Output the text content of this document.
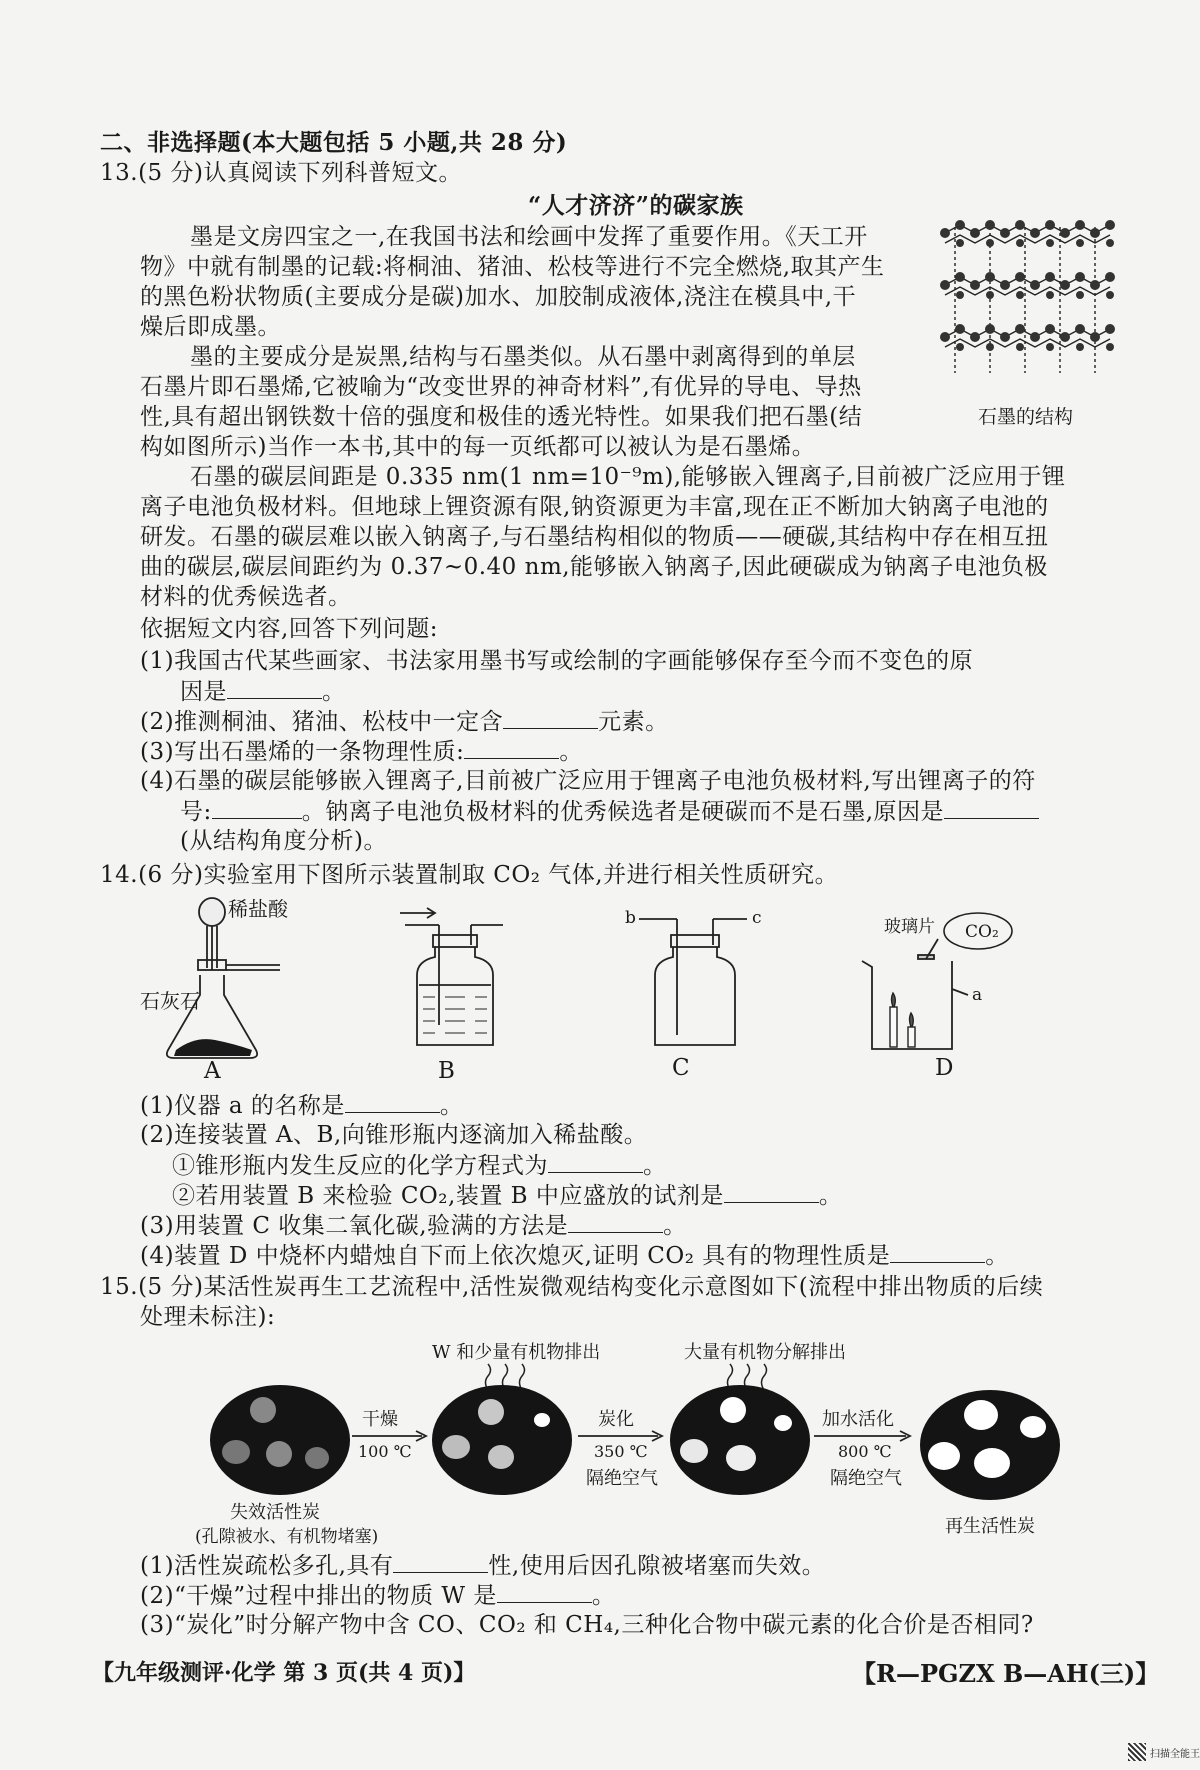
二、非选择题(本大题包括 5 小题,共 28 分)
13.(5 分)认真阅读下列科普短文。
“人才济济”的碳家族
墨是文房四宝之一,在我国书法和绘画中发挥了重要作用。《天工开
物》中就有制墨的记载:将桐油、猪油、松枝等进行不完全燃烧,取其产生
的黑色粉状物质(主要成分是碳)加水、加胶制成液体,浇注在模具中,干
燥后即成墨。
墨的主要成分是炭黑,结构与石墨类似。从石墨中剥离得到的单层
石墨片即石墨烯,它被喻为“改变世界的神奇材料”,有优异的导电、导热
性,具有超出钢铁数十倍的强度和极佳的透光特性。如果我们把石墨(结
构如图所示)当作一本书,其中的每一页纸都可以被认为是石墨烯。
石墨的结构
石墨的碳层间距是 0.335 nm(1 nm=10⁻⁹m),能够嵌入锂离子,目前被广泛应用于锂
离子电池负极材料。但地球上锂资源有限,钠资源更为丰富,现在正不断加大钠离子电池的
研发。石墨的碳层难以嵌入钠离子,与石墨结构相似的物质——硬碳,其结构中存在相互扭
曲的碳层,碳层间距约为 0.37~0.40 nm,能够嵌入钠离子,因此硬碳成为钠离子电池负极
材料的优秀候选者。
依据短文内容,回答下列问题:
(1)我国古代某些画家、书法家用墨书写或绘制的字画能够保存至今而不变色的原
因是	。
(2)推测桐油、猪油、松枝中一定含	元素。
(3)写出石墨烯的一条物理性质:	。
(4)石墨的碳层能够嵌入锂离子,目前被广泛应用于锂离子电池负极材料,写出锂离子的符
号:	。钠离子电池负极材料的优秀候选者是硬碳而不是石墨,原因是
(从结构角度分析)。
14.(6 分)实验室用下图所示装置制取 CO₂ 气体,并进行相关性质研究。
稀盐酸
石灰石
A	B
b	c
C
玻璃片 CO₂
a
D
(1)仪器 a 的名称是	。
(2)连接装置 A、B,向锥形瓶内逐滴加入稀盐酸。
①锥形瓶内发生反应的化学方程式为	。
②若用装置 B 来检验 CO₂,装置 B 中应盛放的试剂是	。
(3)用装置 C 收集二氧化碳,验满的方法是	。
(4)装置 D 中烧杯内蜡烛自下而上依次熄灭,证明 CO₂ 具有的物理性质是	。
15.(5 分)某活性炭再生工艺流程中,活性炭微观结构变化示意图如下(流程中排出物质的后续
处理未标注):
W 和少量有机物排出	大量有机物分解排出
干燥
100 ℃
炭化
350 ℃
隔绝空气
加水活化
800 ℃
隔绝空气
失效活性炭
(孔隙被水、有机物堵塞)	再生活性炭
(1)活性炭疏松多孔,具有	性,使用后因孔隙被堵塞而失效。
(2)“干燥”过程中排出的物质 W 是	。
(3)“炭化”时分解产物中含 CO、CO₂ 和 CH₄,三种化合物中碳元素的化合价是否相同?
【九年级测评·化学 第 3 页(共 4 页)】	【R—PGZX B—AH(三)】
扫描全能王
